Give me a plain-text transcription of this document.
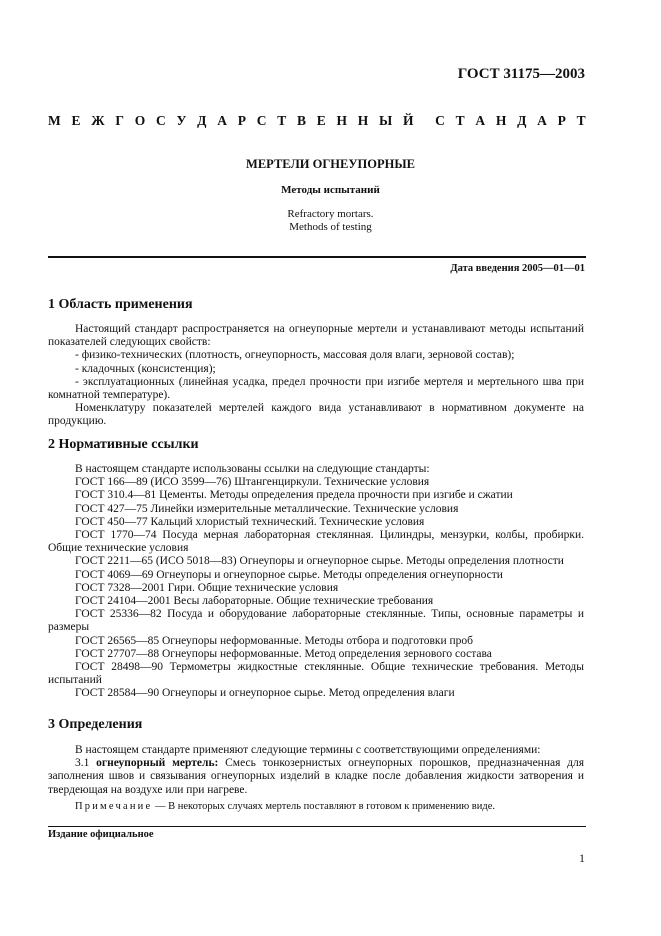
ГОСТ 31175—2003
М Е Ж Г О С У Д А Р С Т В Е Н Н Ы Й С Т А Н Д А Р Т
МЕРТЕЛИ ОГНЕУПОРНЫЕ
Методы испытаний
Refractory mortars.
Methods of testing
Дата введения 2005—01—01
1 Область применения

Настоящий стандарт распространяется на огнеупорные мертели и устанавливают методы испытаний показателей следующих свойств:

- физико-технических (плотность, огнеупорность, массовая доля влаги, зерновой состав);

- кладочных (консистенция);

- эксплуатационных (линейная усадка, предел прочности при изгибе мертеля и мертельного шва при комнатной температуре).

Номенклатуру показателей мертелей каждого вида устанавливают в нормативном документе на продукцию.

2 Нормативные ссылки

В настоящем стандарте использованы ссылки на следующие стандарты:

ГОСТ 166—89 (ИСО 3599—76) Штангенциркули. Технические условия

ГОСТ 310.4—81 Цементы. Методы определения предела прочности при изгибе и сжатии

ГОСТ 427—75 Линейки измерительные металлические. Технические условия

ГОСТ 450—77 Кальций хлористый технический. Технические условия

ГОСТ 1770—74 Посуда мерная лабораторная стеклянная. Цилиндры, мензурки, колбы, пробирки. Общие технические условия

ГОСТ 2211—65 (ИСО 5018—83) Огнеупоры и огнеупорное сырье. Методы определения плотности

ГОСТ 4069—69 Огнеупоры и огнеупорное сырье. Методы определения огнеупорности

ГОСТ 7328—2001 Гири. Общие технические условия

ГОСТ 24104—2001 Весы лабораторные. Общие технические требования

ГОСТ 25336—82 Посуда и оборудование лабораторные стеклянные. Типы, основные параметры и размеры

ГОСТ 26565—85 Огнеупоры неформованные. Методы отбора и подготовки проб

ГОСТ 27707—88 Огнеупоры неформованные. Метод определения зернового состава

ГОСТ 28498—90 Термометры жидкостные стеклянные. Общие технические требования. Методы испытаний

ГОСТ 28584—90 Огнеупоры и огнеупорное сырье. Метод определения влаги

3 Определения

В настоящем стандарте применяют следующие термины с соответствующими определениями:

3.1 огнеупорный мертель: Смесь тонкозернистых огнеупорных порошков, предназначенная для заполнения швов и связывания огнеупорных изделий в кладке после добавления жидкости затворения и твердеющая на воздухе или при нагреве.

Примечание — В некоторых случаях мертель поставляют в готовом к применению виде.
Издание официальное
1
